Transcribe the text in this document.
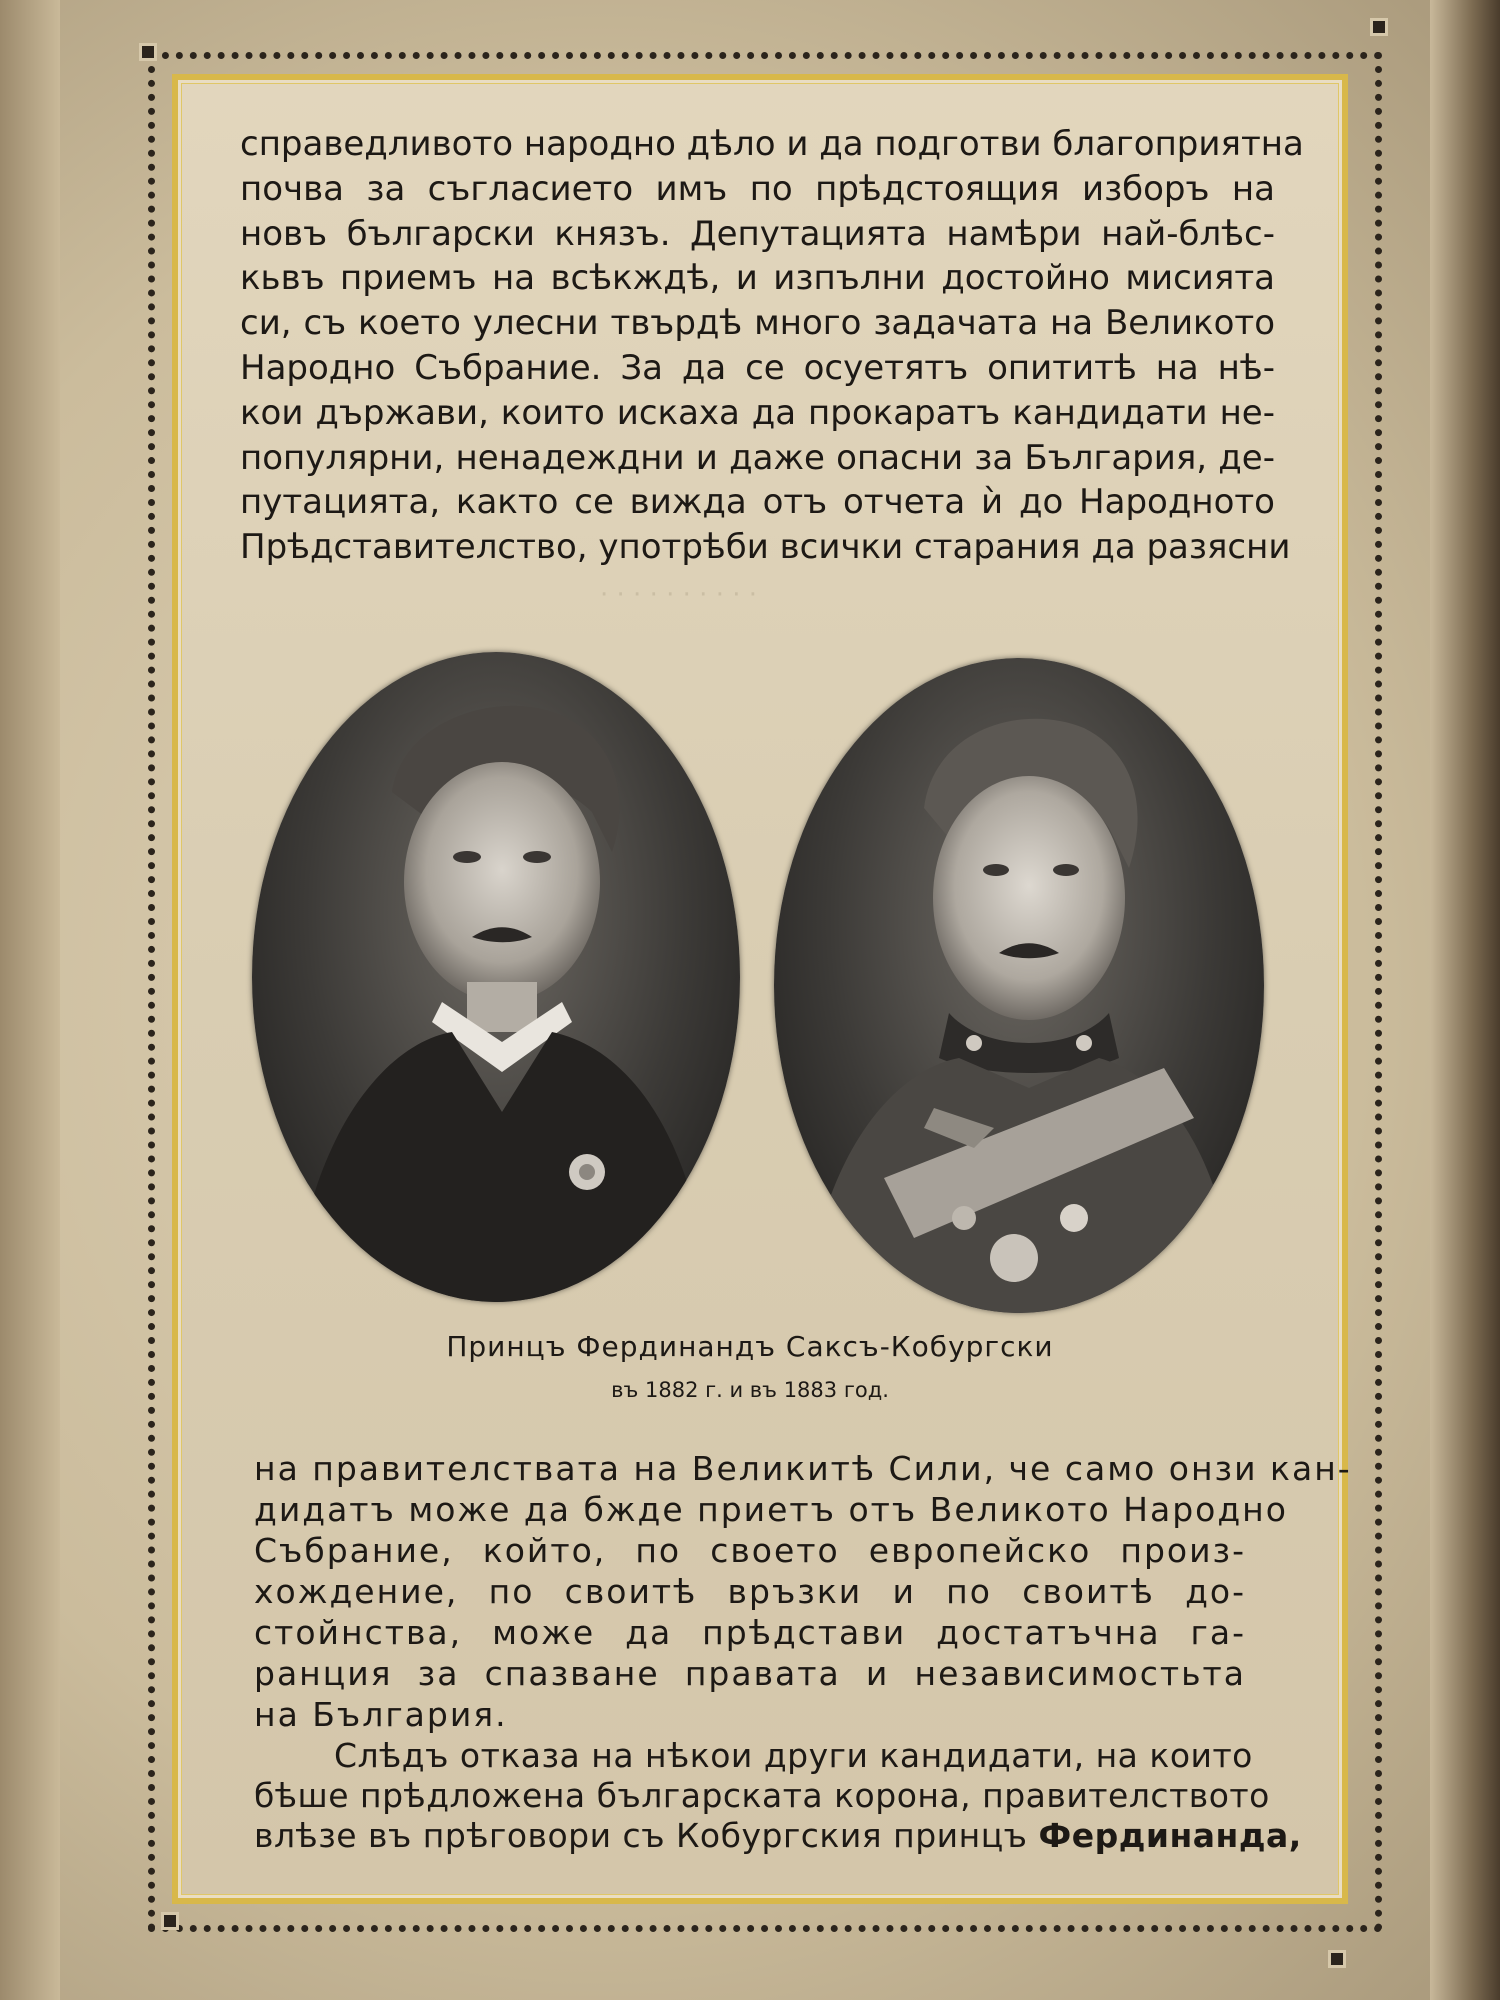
· · · · · · · · · ·
справедливото народно дѣло и да подготви благоприятна
почва за съгласието имъ по прѣдстоящия изборъ на
новъ български князъ. Депутацията намѣри най-блѣс-
кьвъ приемъ на всѣкждѣ, и изпълни достойно мисията
си, съ което улесни твърдѣ много задачата на Великото
Народно Събрание. За да се осуетятъ опититѣ на нѣ-
кои държави, които искаха да прокаратъ кандидати не-
популярни, ненадеждни и даже опасни за България, де-
путацията, както се вижда отъ отчета ѝ до Народното
Прѣдставителство, употрѣби всички старания да разясни

Принцъ Фердинандъ Саксъ-Кобургски

въ 1882 г. и въ 1883 год.

на правителствата на Великитѣ Сили, че само онзи кан-
дидатъ може да бжде приетъ отъ Великото Народно
Събрание, който, по своето европейско произ-
хождение, по своитѣ връзки и по своитѣ до-
стойнства, може да прѣдстави достатъчна га-
ранция за спазване правата и независимостьта
на България.
Слѣдъ отказа на нѣкои други кандидати, на които
бѣше прѣдложена българската корона, правителството
влѣзе въ прѣговори съ Кобургския принцъ Фердинанда,
